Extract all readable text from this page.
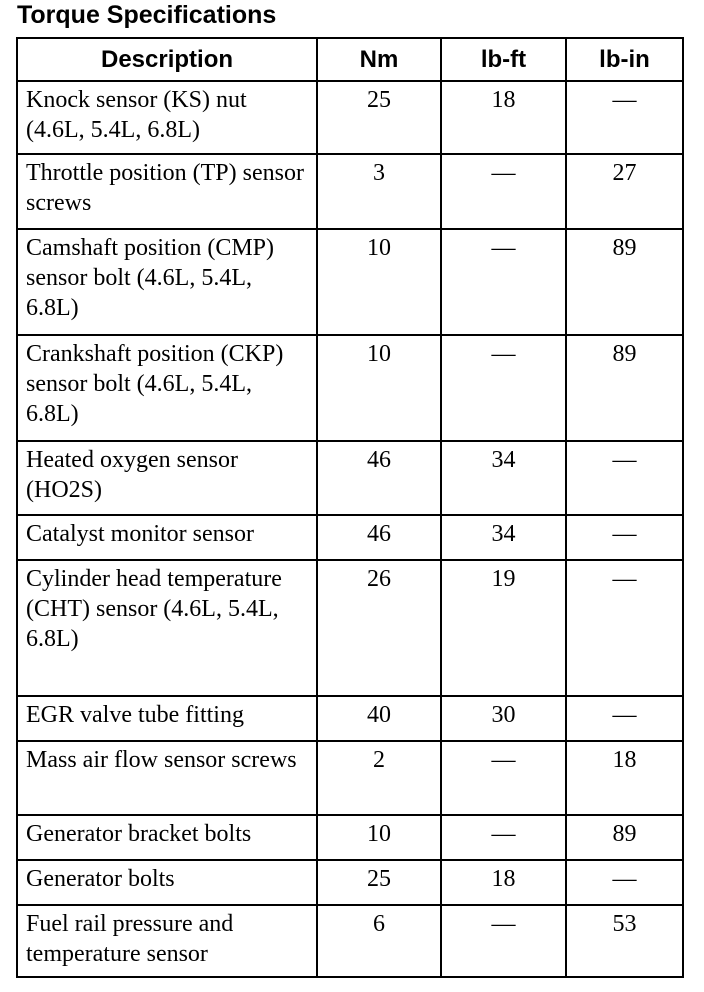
Torque Specifications
Description	Nm	lb-ft	lb-in
Knock sensor (KS) nut (4.6L, 5.4L, 6.8L)	25	18	—
Throttle position (TP) sensor screws	3	—	27
Camshaft position (CMP) sensor bolt (4.6L, 5.4L, 6.8L)	10	—	89
Crankshaft position (CKP) sensor bolt (4.6L, 5.4L, 6.8L)	10	—	89
Heated oxygen sensor (HO2S)	46	34	—
Catalyst monitor sensor	46	34	—
Cylinder head temperature (CHT) sensor (4.6L, 5.4L, 6.8L)	26	19	—
EGR valve tube fitting	40	30	—
Mass air flow sensor screws	2	—	18
Generator bracket bolts	10	—	89
Generator bolts	25	18	—
Fuel rail pressure and temperature sensor	6	—	53
